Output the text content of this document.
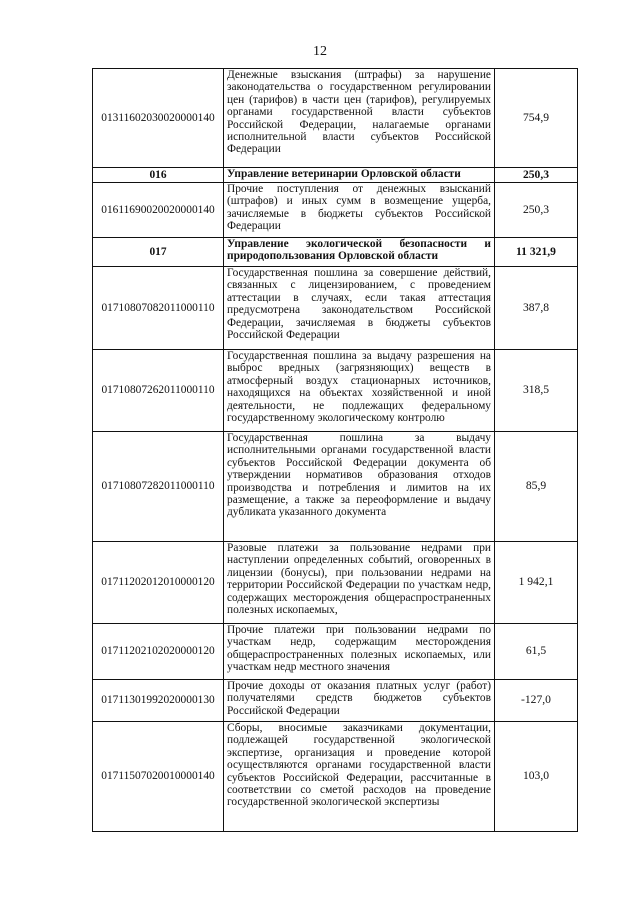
12
01311602030020000140	Денежные взыскания (штрафы) за нарушение законодательства о государственном регулировании цен (тарифов) в части цен (тарифов), регулируемых органами государственной власти субъектов Российской Федерации, налагаемые органами исполнительной власти субъектов Российской Федерации	754,9
016	Управление ветеринарии Орловской области	250,3
01611690020020000140	Прочие поступления от денежных взысканий (штрафов) и иных сумм в возмещение ущерба, зачисляемые в бюджеты субъектов Российской Федерации	250,3
017	Управление экологической безопасности и природопользования Орловской области	11 321,9
01710807082011000110	Государственная пошлина за совершение действий, связанных с лицензированием, с проведением аттестации в случаях, если такая аттестация предусмотрена законодательством Российской Федерации, зачисляемая в бюджеты субъектов Российской Федерации	387,8
01710807262011000110	Государственная пошлина за выдачу разрешения на выброс вредных (загрязняющих) веществ в атмосферный воздух стационарных источников, находящихся на объектах хозяйственной и иной деятельности, не подлежащих федеральному государственному экологическому контролю	318,5
01710807282011000110	Государственная пошлина за выдачу исполнительными органами государственной власти субъектов Российской Федерации документа об утверждении нормативов образования отходов производства и потребления и лимитов на их размещение, а также за переоформление и выдачу дубликата указанного документа	85,9
01711202012010000120	Разовые платежи за пользование недрами при наступлении определенных событий, оговоренных в лицензии (бонусы), при пользовании недрами на территории Российской Федерации по участкам недр, содержащих месторождения общераспространенных полезных ископаемых,	1 942,1
01711202102020000120	Прочие платежи при пользовании недрами по участкам недр, содержащим месторождения общераспространенных полезных ископаемых, или участкам недр местного значения	61,5
01711301992020000130	Прочие доходы от оказания платных услуг (работ) получателями средств бюджетов субъектов Российской Федерации	-127,0
01711507020010000140	Сборы, вносимые заказчиками документации, подлежащей государственной экологической экспертизе, организация и проведение которой осуществляются органами государственной власти субъектов Российской Федерации, рассчитанные в соответствии со сметой расходов на проведение государственной экологической экспертизы	103,0
